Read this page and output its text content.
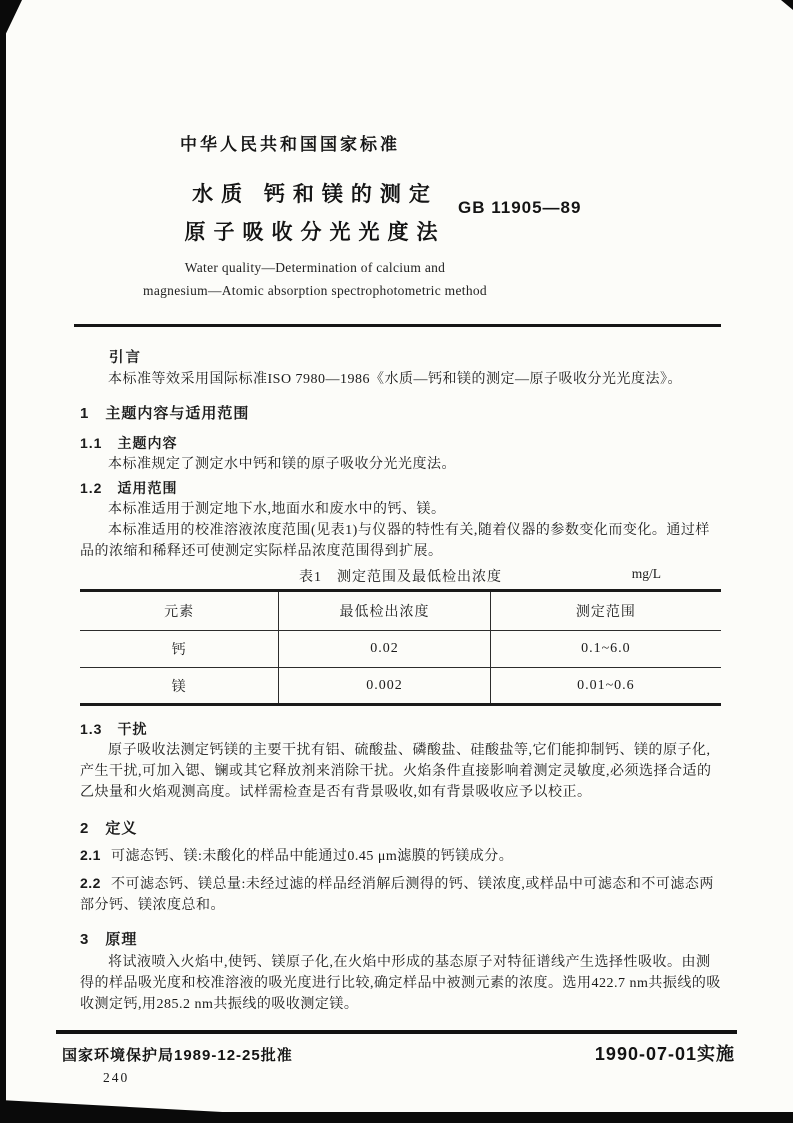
GB 11905—89
中华人民共和国国家标准
水质 钙和镁的测定
原子吸收分光光度法
Water quality—Determination of calcium and
magnesium—Atomic absorption spectrophotometric method
引言

本标准等效采用国际标准ISO 7980—1986《水质—钙和镁的测定—原子吸收分光光度法》。

1　主题内容与适用范围
1.1　主题内容

本标准规定了测定水中钙和镁的原子吸收分光光度法。

1.2　适用范围

本标准适用于测定地下水,地面水和废水中的钙、镁。

本标准适用的校准溶液浓度范围(见表1)与仪器的特性有关,随着仪器的参数变化而变化。通过样品的浓缩和稀释还可使测定实际样品浓度范围得到扩展。

表1　测定范围及最低检出浓度	mg/L
元素	最低检出浓度	测定范围
钙	0.02	0.1~6.0
镁	0.002	0.01~0.6
1.3　干扰

原子吸收法测定钙镁的主要干扰有铝、硫酸盐、磷酸盐、硅酸盐等,它们能抑制钙、镁的原子化,产生干扰,可加入锶、镧或其它释放剂来消除干扰。火焰条件直接影响着测定灵敏度,必须选择合适的乙炔量和火焰观测高度。试样需检查是否有背景吸收,如有背景吸收应予以校正。

2　定义

2.1 可滤态钙、镁:未酸化的样品中能通过0.45 μm滤膜的钙镁成分。

2.2 不可滤态钙、镁总量:未经过滤的样品经消解后测得的钙、镁浓度,或样品中可滤态和不可滤态两部分钙、镁浓度总和。

3　原理

将试液喷入火焰中,使钙、镁原子化,在火焰中形成的基态原子对特征谱线产生选择性吸收。由测得的样品吸光度和校准溶液的吸光度进行比较,确定样品中被测元素的浓度。选用422.7 nm共振线的吸收测定钙,用285.2 nm共振线的吸收测定镁。

国家环境保护局1989-12-25批准	1990-07-01实施
240
